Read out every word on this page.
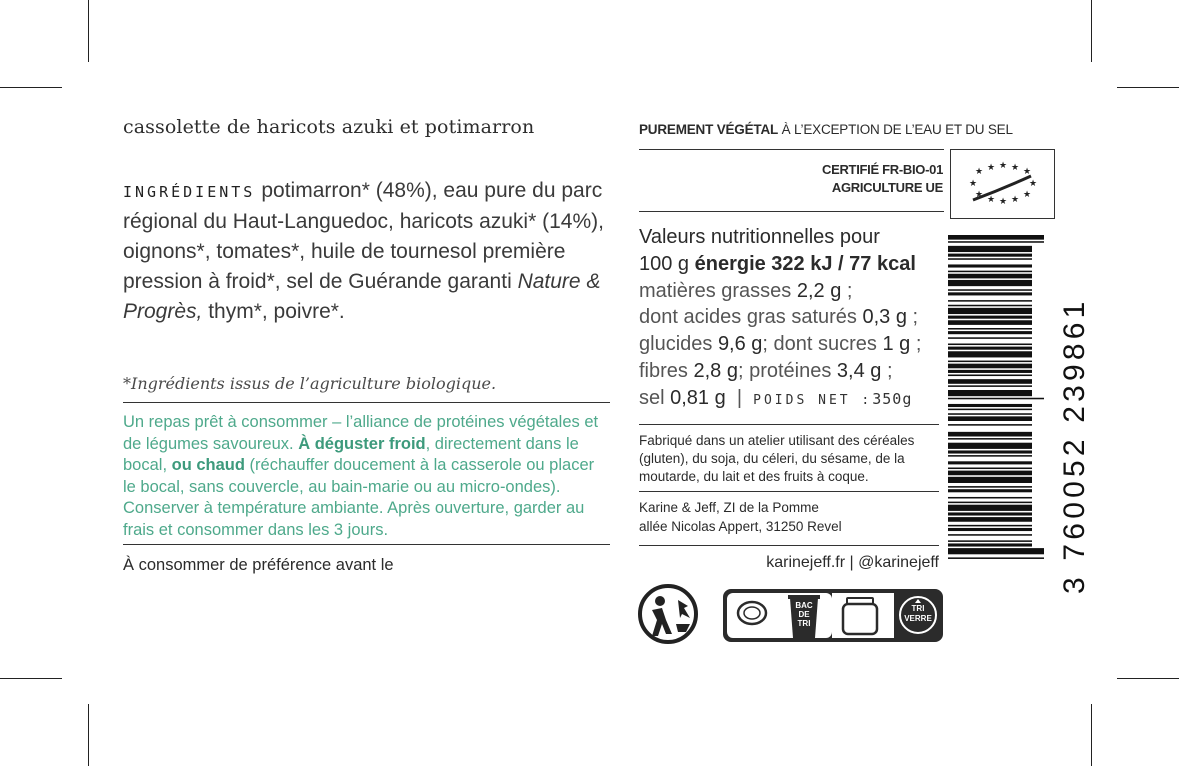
cassolette de haricots azuki et potimarron
INGRÉDIENTS potimarron* (48%), eau pure du parc régional du Haut-Languedoc, haricots azuki* (14%), oignons*, tomates*, huile de tournesol première pression à froid*, sel de Guérande garanti Nature & Progrès, thym*, poivre*.
*Ingrédients issus de l’agriculture biologique.
Un repas prêt à consommer – l’alliance de protéines végétales et de légumes savoureux. À déguster froid, directement dans le bocal, ou chaud (réchauffer doucement à la casserole ou placer le bocal, sans couvercle, au bain-marie ou au micro-ondes). Conserver à température ambiante. Après ouverture, garder au frais et consommer dans les 3 jours.
À consommer de préférence avant le
PUREMENT VÉGÉTAL À L’EXCEPTION DE L’EAU ET DU SEL
CERTIFIÉ FR-BIO-01
AGRICULTURE UE
★ ★ ★ ★ ★
★
★
★
★
★
★
★
Valeurs nutritionnelles pour
100 g énergie 322 kJ / 77 kcal
matières grasses 2,2 g ;
dont acides gras saturés 0,3 g ;
glucides 9,6 g; dont sucres 1 g ;
fibres 2,8 g; protéines 3,4 g ;
sel 0,81 g  |  POIDS NET :350g
Fabriqué dans un atelier utilisant des céréales (gluten), du soja, du céleri, du sésame, de la moutarde, du lait et des fruits à coque.
Karine & Jeff, ZI de la Pomme
allée Nicolas Appert, 31250 Revel
karinejeff.fr | @karinejeff
BAC DE TRI
TRI VERRE
3 760052 239861
